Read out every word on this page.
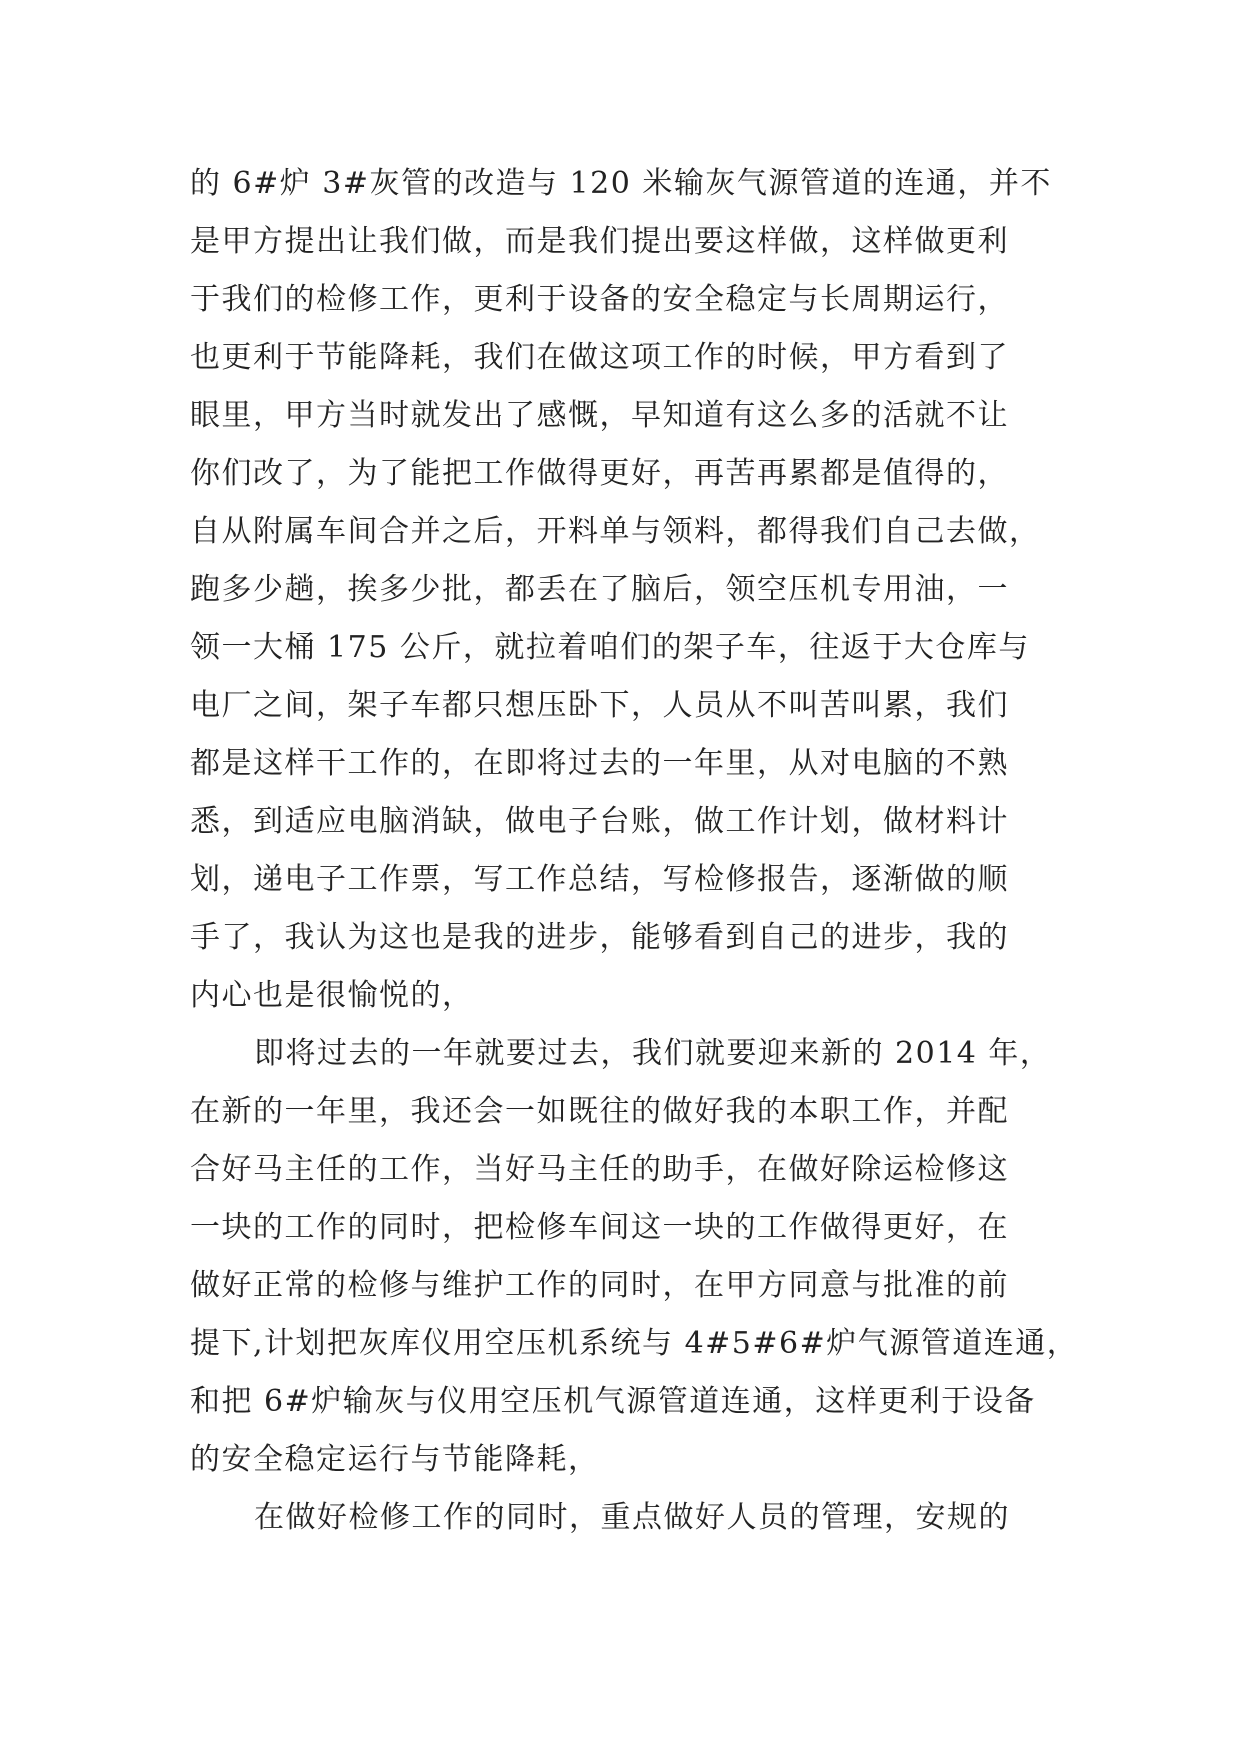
的 6#炉 3#灰管的改造与 120 米输灰气源管道的连通，并不
是甲方提出让我们做，而是我们提出要这样做，这样做更利
于我们的检修工作，更利于设备的安全稳定与长周期运行，
也更利于节能降耗，我们在做这项工作的时候，甲方看到了
眼里，甲方当时就发出了感慨，早知道有这么多的活就不让
你们改了，为了能把工作做得更好，再苦再累都是值得的，
自从附属车间合并之后，开料单与领料，都得我们自己去做，
跑多少趟，挨多少批，都丢在了脑后，领空压机专用油，一
领一大桶 175 公斤，就拉着咱们的架子车，往返于大仓库与
电厂之间，架子车都只想压卧下，人员从不叫苦叫累，我们
都是这样干工作的，在即将过去的一年里，从对电脑的不熟
悉，到适应电脑消缺，做电子台账，做工作计划，做材料计
划，递电子工作票，写工作总结，写检修报告，逐渐做的顺
手了，我认为这也是我的进步，能够看到自己的进步，我的
内心也是很愉悦的，
即将过去的一年就要过去，我们就要迎来新的 2014 年，
在新的一年里，我还会一如既往的做好我的本职工作，并配
合好马主任的工作，当好马主任的助手，在做好除运检修这
一块的工作的同时，把检修车间这一块的工作做得更好，在
做好正常的检修与维护工作的同时，在甲方同意与批准的前
提下,计划把灰库仪用空压机系统与 4#5#6#炉气源管道连通，
和把 6#炉输灰与仪用空压机气源管道连通，这样更利于设备
的安全稳定运行与节能降耗，
在做好检修工作的同时，重点做好人员的管理，安规的
